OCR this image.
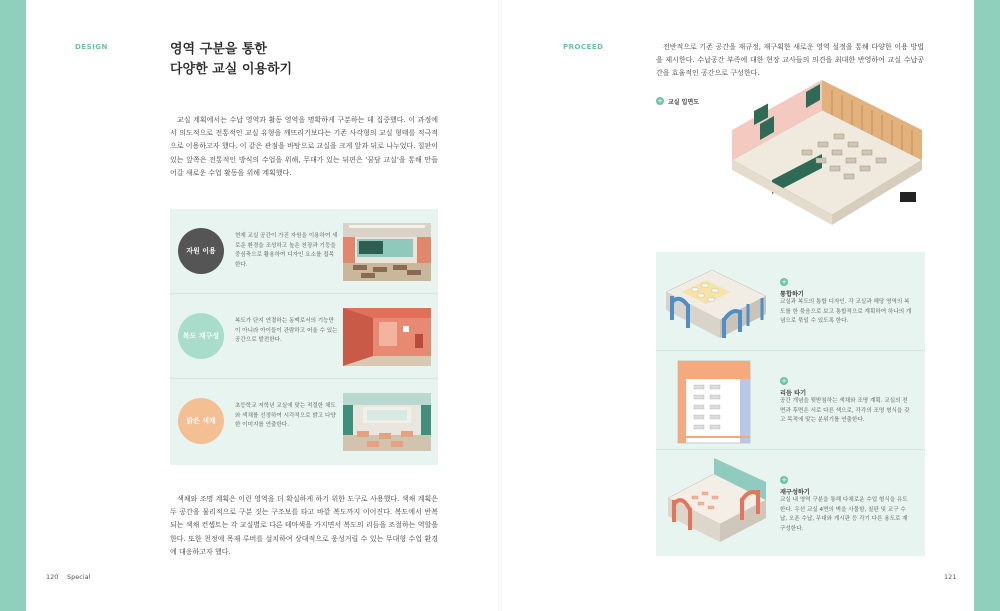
DESIGN	영역 구분을 통한
다양한 교실 이용하기
교실 계획에서는 수납 영역과 활동 영역을 명확하게 구분하는 데 집중했다. 이 과정에서 의도적으로 전통적인 교실 유형을 깨뜨리기보다는 기존 사각형의 교실 형태를 적극적으로 이용하고자 했다. 이 같은 관점을 바탕으로 교실을 크게 앞과 뒤로 나누었다. 칠판이 있는 앞쪽은 전통적인 방식의 수업을 위해, 무대가 있는 뒤편은 '꿈담 교실'을 통해 만들어갈 새로운 수업 활동을 위해 계획했다.
자원 이용
현재 교실 공간이 가진 자원을 이용하여 새로운 환경을 조성하고 높은 천장과 기둥을 중심축으로 활용하여 디자인 요소를 접목한다.
복도 재구성
복도가 단지 연결하는 동맥로서의 기능만이 아니라 아이들이 관람하고 어울 수 있는 공간으로 발전한다.
밝은 색채
초등학교 저학년 교실에 맞는 적절한 채도와 색채를 선정하여 시각적으로 밝고 다양한 이미지를 연출한다.
색채와 조명 계획은 이런 영역을 더 확실하게 하기 위한 도구로 사용했다. 색채 계획은 두 공간을 물리적으로 구분 짓는 구조보를 타고 바깥 복도까지 이어진다. 복도에서 반복되는 색채 컨셉트는 각 교실별로 다른 테마색을 가지면서 복도의 리듬을 조절하는 역할을 한다. 또한 천정에 목재 루버를 설치하여 상대적으로 웅성거릴 수 있는 무대형 수업 환경에 대응하고자 했다.
120 Special
PROCEED	전반적으로 기존 공간을 재규정, 재구획한 새로운 영역 설정을 통해 다양한 이용 방법을 제시한다. 수납공간 부족에 대한 현장 교사들의 의견을 최대한 반영하여 교실 수납공간을 효율적인 공간으로 구성한다.
+ 교실 입면도
+
통합하기
교실과 복도의 통합 디자인. 각 교실과 해당 영역의 복도를 한 묶음으로 보고 통합적으로 계획하여 하나의 개념으로 묶일 수 있도록 한다.
+
리듬 타기
공간 개념을 뒷받침하는 색채와 조명 계획. 교실의 전면과 후면은 서로 다른 색으로, 각각의 조명 형식을 갖고 목적에 맞는 분위기를 연출한다.
+
재구성하기
교실 내 영역 구분을 통해 다채로운 수업 형식을 유도한다. 우선 교실 4면의 벽을 사물함, 칠판 및 교구 수납, 오픈 수납, 무대와 게시판 등 각기 다른 용도로 재구성한다.
121
